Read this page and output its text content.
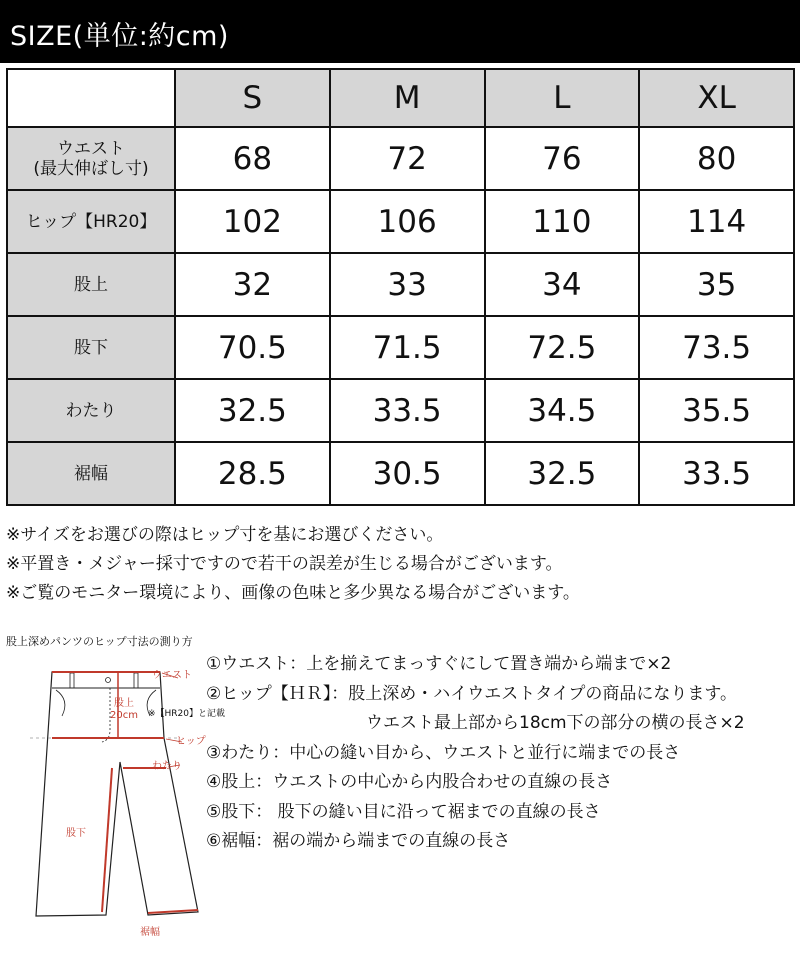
SIZE(単位:約cm)
	S	M	L	XL

ウエスト
(最大伸ばし寸)	68	72	76	80
ヒップ【HR20】	102	106	110	114
股上	32	33	34	35
股下	70.5	71.5	72.5	73.5
わたり	32.5	33.5	34.5	35.5
裾幅	28.5	30.5	32.5	33.5
※サイズをお選びの際はヒップ寸を基にお選びください。
※平置き・メジャー採寸ですので若干の誤差が生じる場合がございます。
※ご覧のモニター環境により、画像の色味と多少異なる場合がございます。
股上深めパンツのヒップ寸法の測り方
ウエスト
股上
20cm ※【HR20】と記載
ヒップ
わたり
股下
裾幅
①ウエスト：上を揃えてまっすぐにして置き端から端まで×2
②ヒップ【ＨＲ】：股上深め・ハイウエストタイプの商品になります。
ウエスト最上部から18cm下の部分の横の長さ×2
③わたり：中心の縫い目から、ウエストと並行に端までの長さ
④股上：ウエストの中心から内股合わせの直線の長さ
⑤股下： 股下の縫い目に沿って裾までの直線の長さ
⑥裾幅：裾の端から端までの直線の長さ
